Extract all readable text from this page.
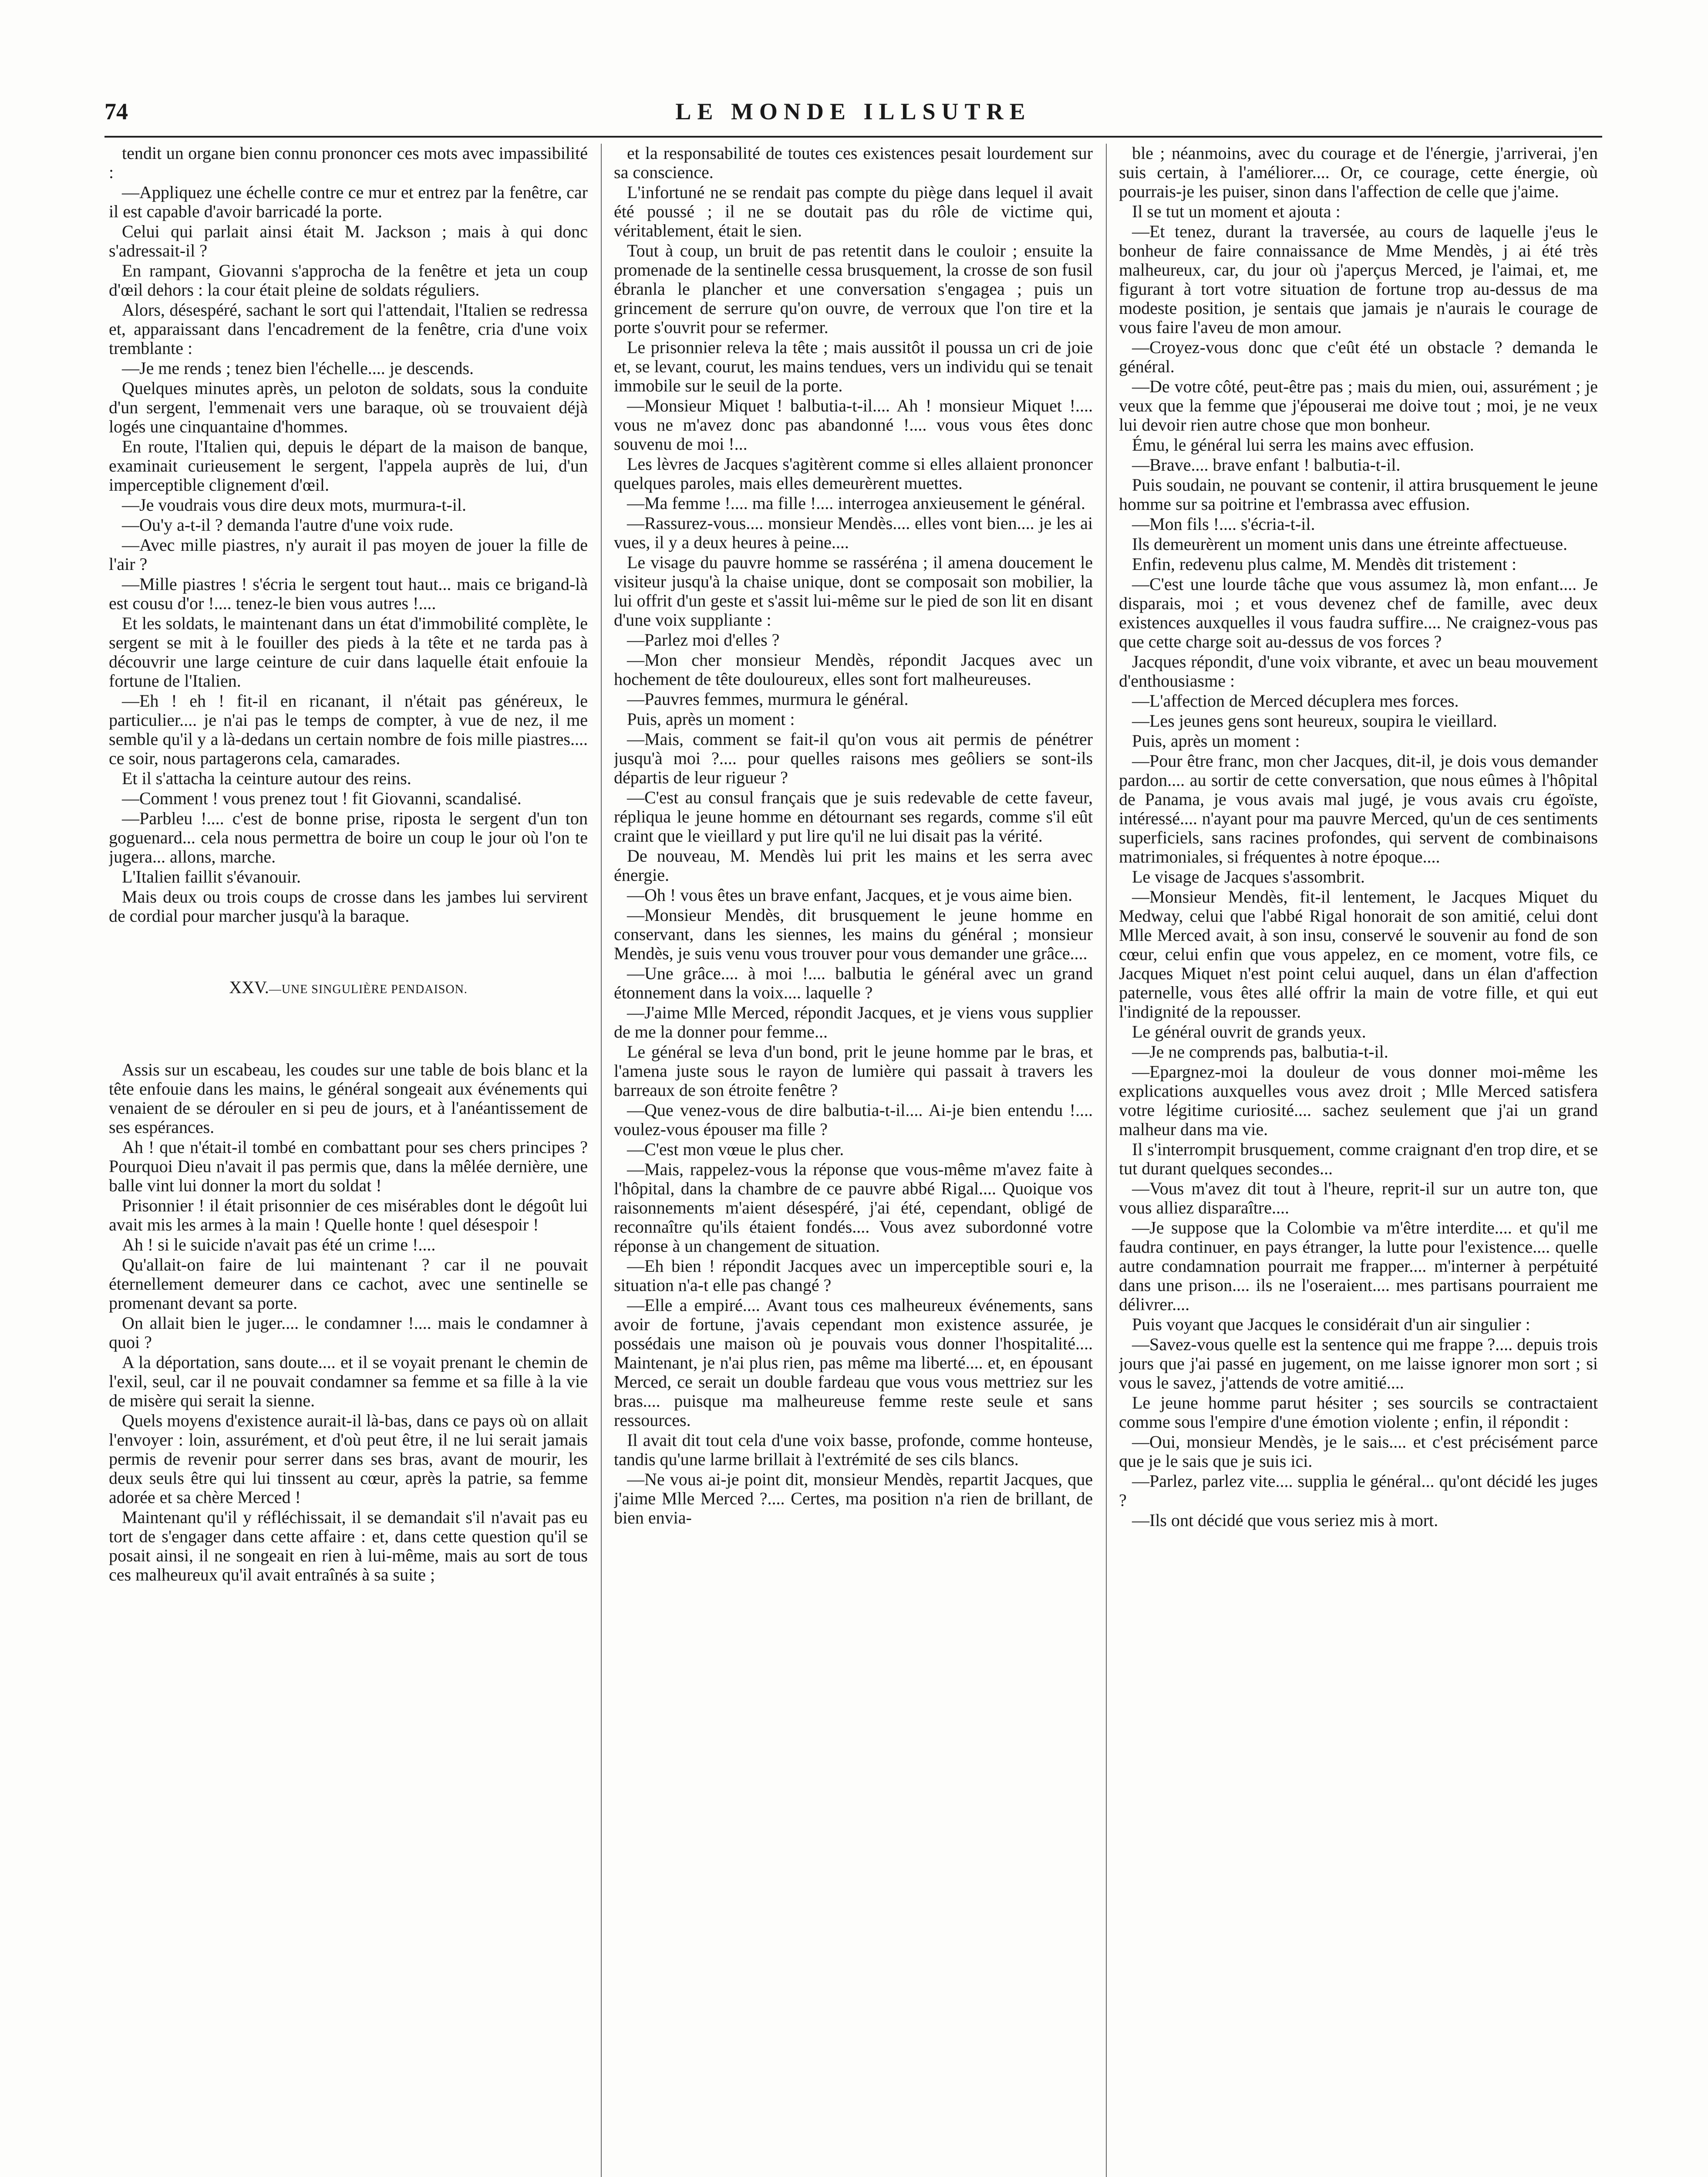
74	LE MONDE ILLSUTRE

tendit un organe bien connu prononcer ces mots avec impassibilité :

—Appliquez une échelle contre ce mur et entrez par la fenêtre, car il est capable d'avoir barricadé la porte.

Celui qui parlait ainsi était M. Jackson ; mais à qui donc s'adressait-il ?

En rampant, Giovanni s'approcha de la fenêtre et jeta un coup d'œil dehors : la cour était pleine de soldats réguliers.

Alors, désespéré, sachant le sort qui l'attendait, l'Italien se redressa et, apparaissant dans l'encadrement de la fenêtre, cria d'une voix tremblante :

—Je me rends ; tenez bien l'échelle.... je descends.

Quelques minutes après, un peloton de soldats, sous la conduite d'un sergent, l'emmenait vers une baraque, où se trouvaient déjà logés une cinquantaine d'hommes.

En route, l'Italien qui, depuis le départ de la maison de banque, examinait curieusement le sergent, l'appela auprès de lui, d'un imperceptible clignement d'œil.

—Je voudrais vous dire deux mots, murmura-t-il.

—Ou'y a-t-il ? demanda l'autre d'une voix rude.

—Avec mille piastres, n'y aurait il pas moyen de jouer la fille de l'air ?

—Mille piastres ! s'écria le sergent tout haut... mais ce brigand-là est cousu d'or !.... tenez-le bien vous autres !....

Et les soldats, le maintenant dans un état d'immobilité complète, le sergent se mit à le fouiller des pieds à la tête et ne tarda pas à découvrir une large ceinture de cuir dans laquelle était enfouie la fortune de l'Italien.

—Eh ! eh ! fit-il en ricanant, il n'était pas généreux, le particulier.... je n'ai pas le temps de compter, à vue de nez, il me semble qu'il y a là-dedans un certain nombre de fois mille piastres.... ce soir, nous partagerons cela, camarades.

Et il s'attacha la ceinture autour des reins.

—Comment ! vous prenez tout ! fit Giovanni, scandalisé.

—Parbleu !.... c'est de bonne prise, riposta le sergent d'un ton goguenard... cela nous permettra de boire un coup le jour où l'on te jugera... allons, marche.

L'Italien faillit s'évanouir.

Mais deux ou trois coups de crosse dans les jambes lui servirent de cordial pour marcher jusqu'à la baraque.

XXV.—UNE SINGULIÈRE PENDAISON.

Assis sur un escabeau, les coudes sur une table de bois blanc et la tête enfouie dans les mains, le général songeait aux événements qui venaient de se dérouler en si peu de jours, et à l'anéantissement de ses espérances.

Ah ! que n'était-il tombé en combattant pour ses chers principes ? Pourquoi Dieu n'avait il pas permis que, dans la mêlée dernière, une balle vint lui donner la mort du soldat !

Prisonnier ! il était prisonnier de ces misérables dont le dégoût lui avait mis les armes à la main ! Quelle honte ! quel désespoir !

Ah ! si le suicide n'avait pas été un crime !....

Qu'allait-on faire de lui maintenant ? car il ne pouvait éternellement demeurer dans ce cachot, avec une sentinelle se promenant devant sa porte.

On allait bien le juger.... le condamner !.... mais le condamner à quoi ?

A la déportation, sans doute.... et il se voyait prenant le chemin de l'exil, seul, car il ne pouvait condamner sa femme et sa fille à la vie de misère qui serait la sienne.

Quels moyens d'existence aurait-il là-bas, dans ce pays où on allait l'envoyer : loin, assurément, et d'où peut être, il ne lui serait jamais permis de revenir pour serrer dans ses bras, avant de mourir, les deux seuls être qui lui tinssent au cœur, après la patrie, sa femme adorée et sa chère Merced !

Maintenant qu'il y réfléchissait, il se demandait s'il n'avait pas eu tort de s'engager dans cette affaire : et, dans cette question qu'il se posait ainsi, il ne songeait en rien à lui-même, mais au sort de tous ces malheureux qu'il avait entraînés à sa suite ;

et la responsabilité de toutes ces existences pesait lourdement sur sa conscience.

L'infortuné ne se rendait pas compte du piège dans lequel il avait été poussé ; il ne se doutait pas du rôle de victime qui, véritablement, était le sien.

Tout à coup, un bruit de pas retentit dans le couloir ; ensuite la promenade de la sentinelle cessa brusquement, la crosse de son fusil ébranla le plancher et une conversation s'engagea ; puis un grincement de serrure qu'on ouvre, de verroux que l'on tire et la porte s'ouvrit pour se refermer.

Le prisonnier releva la tête ; mais aussitôt il poussa un cri de joie et, se levant, courut, les mains tendues, vers un individu qui se tenait immobile sur le seuil de la porte.

—Monsieur Miquet ! balbutia-t-il.... Ah ! monsieur Miquet !.... vous ne m'avez donc pas abandonné !.... vous vous êtes donc souvenu de moi !...

Les lèvres de Jacques s'agitèrent comme si elles allaient prononcer quelques paroles, mais elles demeurèrent muettes.

—Ma femme !.... ma fille !.... interrogea anxieusement le général.

—Rassurez-vous.... monsieur Mendès.... elles vont bien.... je les ai vues, il y a deux heures à peine....

Le visage du pauvre homme se rasséréna ; il amena doucement le visiteur jusqu'à la chaise unique, dont se composait son mobilier, la lui offrit d'un geste et s'assit lui-même sur le pied de son lit en disant d'une voix suppliante :

—Parlez moi d'elles ?

—Mon cher monsieur Mendès, répondit Jacques avec un hochement de tête douloureux, elles sont fort malheureuses.

—Pauvres femmes, murmura le général.

Puis, après un moment :

—Mais, comment se fait-il qu'on vous ait permis de pénétrer jusqu'à moi ?.... pour quelles raisons mes geôliers se sont-ils départis de leur rigueur ?

—C'est au consul français que je suis redevable de cette faveur, répliqua le jeune homme en détournant ses regards, comme s'il eût craint que le vieillard y put lire qu'il ne lui disait pas la vérité.

De nouveau, M. Mendès lui prit les mains et les serra avec énergie.

—Oh ! vous êtes un brave enfant, Jacques, et je vous aime bien.

—Monsieur Mendès, dit brusquement le jeune homme en conservant, dans les siennes, les mains du général ; monsieur Mendès, je suis venu vous trouver pour vous demander une grâce....

—Une grâce.... à moi !.... balbutia le général avec un grand étonnement dans la voix.... laquelle ?

—J'aime Mlle Merced, répondit Jacques, et je viens vous supplier de me la donner pour femme...

Le général se leva d'un bond, prit le jeune homme par le bras, et l'amena juste sous le rayon de lumière qui passait à travers les barreaux de son étroite fenêtre ?

—Que venez-vous de dire balbutia-t-il.... Ai-je bien entendu !.... voulez-vous épouser ma fille ?

—C'est mon vœue le plus cher.

—Mais, rappelez-vous la réponse que vous-même m'avez faite à l'hôpital, dans la chambre de ce pauvre abbé Rigal.... Quoique vos raisonnements m'aient désespéré, j'ai été, cependant, obligé de reconnaître qu'ils étaient fondés.... Vous avez subordonné votre réponse à un changement de situation.

—Eh bien ! répondit Jacques avec un imperceptible souri e, la situation n'a-t elle pas changé ?

—Elle a empiré.... Avant tous ces malheureux événements, sans avoir de fortune, j'avais cependant mon existence assurée, je possédais une maison où je pouvais vous donner l'hospitalité.... Maintenant, je n'ai plus rien, pas même ma liberté.... et, en épousant Merced, ce serait un double fardeau que vous vous mettriez sur les bras.... puisque ma malheureuse femme reste seule et sans ressources.

Il avait dit tout cela d'une voix basse, profonde, comme honteuse, tandis qu'une larme brillait à l'extrémité de ses cils blancs.

—Ne vous ai-je point dit, monsieur Mendès, repartit Jacques, que j'aime Mlle Merced ?.... Certes, ma position n'a rien de brillant, de bien envia-

ble ; néanmoins, avec du courage et de l'énergie, j'arriverai, j'en suis certain, à l'améliorer.... Or, ce courage, cette énergie, où pourrais-je les puiser, sinon dans l'affection de celle que j'aime.

Il se tut un moment et ajouta :

—Et tenez, durant la traversée, au cours de laquelle j'eus le bonheur de faire connaissance de Mme Mendès, j ai été très malheureux, car, du jour où j'aperçus Merced, je l'aimai, et, me figurant à tort votre situation de fortune trop au-dessus de ma modeste position, je sentais que jamais je n'aurais le courage de vous faire l'aveu de mon amour.

—Croyez-vous donc que c'eût été un obstacle ? demanda le général.

—De votre côté, peut-être pas ; mais du mien, oui, assurément ; je veux que la femme que j'épouserai me doive tout ; moi, je ne veux lui devoir rien autre chose que mon bonheur.

Ému, le général lui serra les mains avec effusion.

—Brave.... brave enfant ! balbutia-t-il.

Puis soudain, ne pouvant se contenir, il attira brusquement le jeune homme sur sa poitrine et l'embrassa avec effusion.

—Mon fils !.... s'écria-t-il.

Ils demeurèrent un moment unis dans une étreinte affectueuse.

Enfin, redevenu plus calme, M. Mendès dit tristement :

—C'est une lourde tâche que vous assumez là, mon enfant.... Je disparais, moi ; et vous devenez chef de famille, avec deux existences auxquelles il vous faudra suffire.... Ne craignez-vous pas que cette charge soit au-dessus de vos forces ?

Jacques répondit, d'une voix vibrante, et avec un beau mouvement d'enthousiasme :

—L'affection de Merced décuplera mes forces.

—Les jeunes gens sont heureux, soupira le vieillard.

Puis, après un moment :

—Pour être franc, mon cher Jacques, dit-il, je dois vous demander pardon.... au sortir de cette conversation, que nous eûmes à l'hôpital de Panama, je vous avais mal jugé, je vous avais cru égoïste, intéressé.... n'ayant pour ma pauvre Merced, qu'un de ces sentiments superficiels, sans racines profondes, qui servent de combinaisons matrimoniales, si fréquentes à notre époque....

Le visage de Jacques s'assombrit.

—Monsieur Mendès, fit-il lentement, le Jacques Miquet du Medway, celui que l'abbé Rigal honorait de son amitié, celui dont Mlle Merced avait, à son insu, conservé le souvenir au fond de son cœur, celui enfin que vous appelez, en ce moment, votre fils, ce Jacques Miquet n'est point celui auquel, dans un élan d'affection paternelle, vous êtes allé offrir la main de votre fille, et qui eut l'indignité de la repousser.

Le général ouvrit de grands yeux.

—Je ne comprends pas, balbutia-t-il.

—Epargnez-moi la douleur de vous donner moi-même les explications auxquelles vous avez droit ; Mlle Merced satisfera votre légitime curiosité.... sachez seulement que j'ai un grand malheur dans ma vie.

Il s'interrompit brusquement, comme craignant d'en trop dire, et se tut durant quelques secondes...

—Vous m'avez dit tout à l'heure, reprit-il sur un autre ton, que vous alliez disparaître....

—Je suppose que la Colombie va m'être interdite.... et qu'il me faudra continuer, en pays étranger, la lutte pour l'existence.... quelle autre condamnation pourrait me frapper.... m'interner à perpétuité dans une prison.... ils ne l'oseraient.... mes partisans pourraient me délivrer....

Puis voyant que Jacques le considérait d'un air singulier :

—Savez-vous quelle est la sentence qui me frappe ?.... depuis trois jours que j'ai passé en jugement, on me laisse ignorer mon sort ; si vous le savez, j'attends de votre amitié....

Le jeune homme parut hésiter ; ses sourcils se contractaient comme sous l'empire d'une émotion violente ; enfin, il répondit :

—Oui, monsieur Mendès, je le sais.... et c'est précisément parce que je le sais que je suis ici.

—Parlez, parlez vite.... supplia le général... qu'ont décidé les juges ?

—Ils ont décidé que vous seriez mis à mort.
